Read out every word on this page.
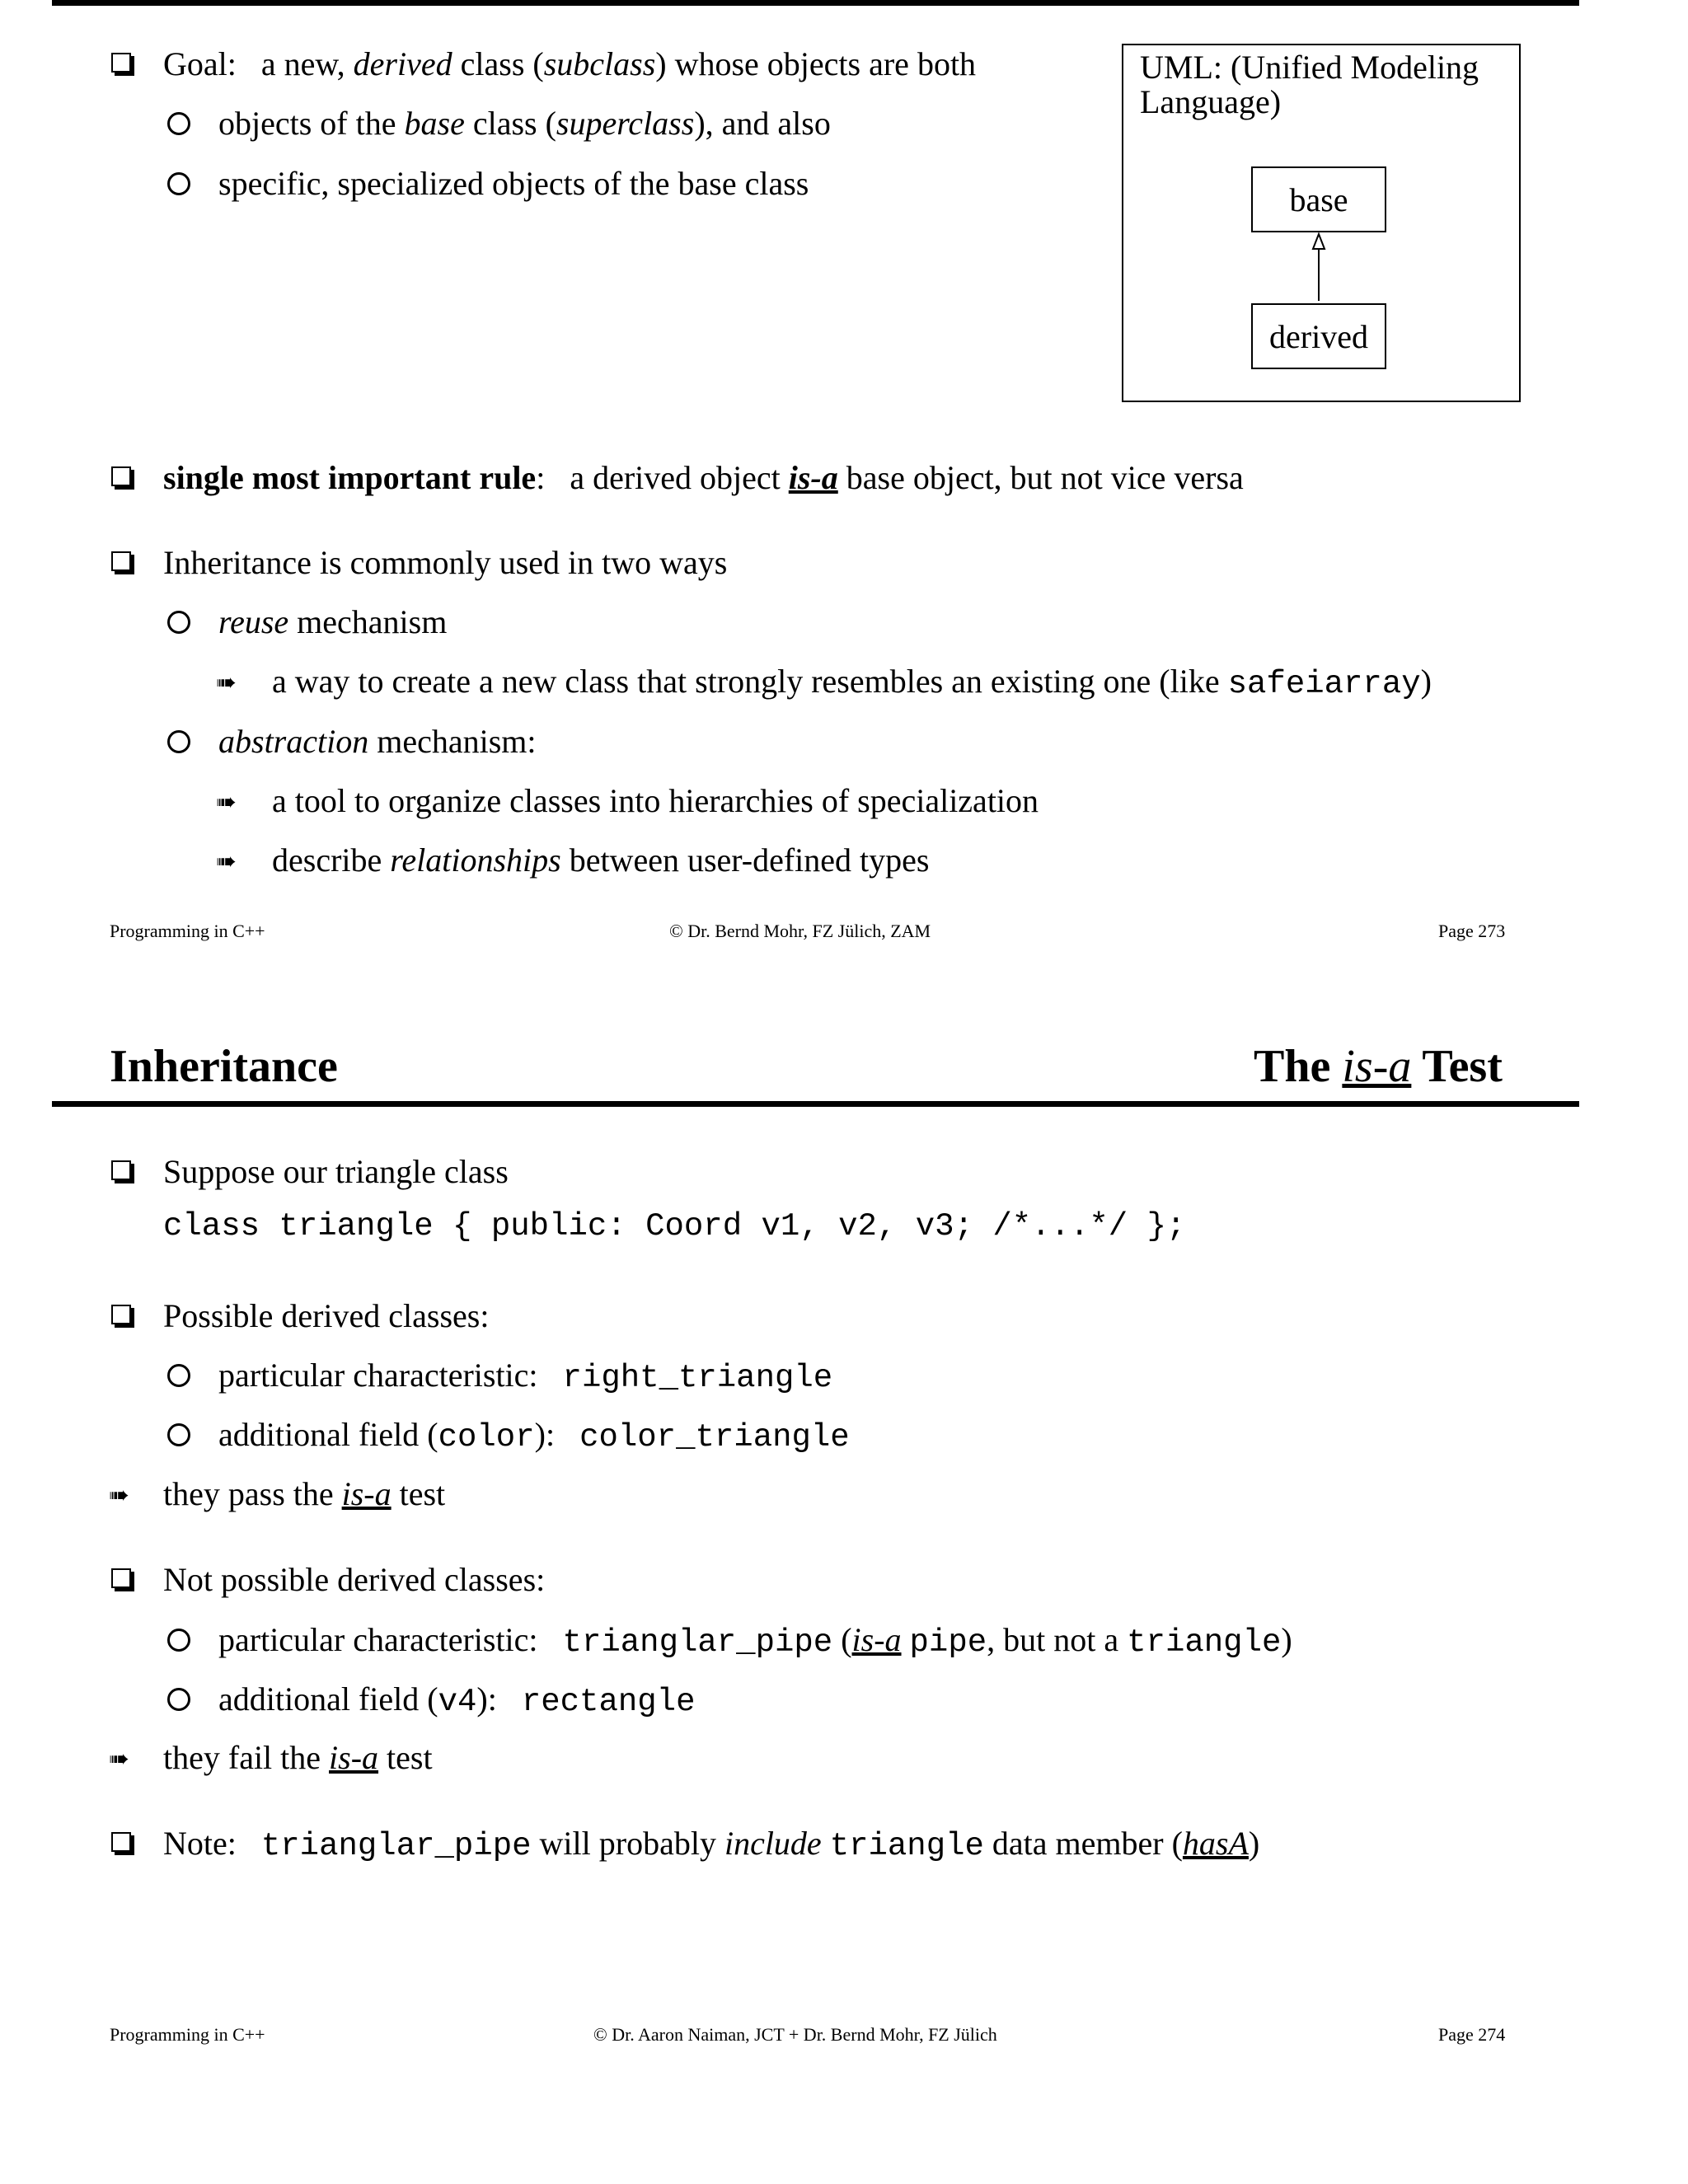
Goal: a new, derived class (subclass) whose objects are both
objects of the base class (superclass), and also
specific, specialized objects of the base class
UML: (Unified Modeling
Language)
base
derived
single most important rule: a derived object is-a base object, but not vice versa
Inheritance is commonly used in two ways
reuse mechanism
➠ a way to create a new class that strongly resembles an existing one (like safeiarray)
abstraction mechanism:
➠ a tool to organize classes into hierarchies of specialization
➠ describe relationships between user-defined types
Programming in C++	© Dr. Bernd Mohr, FZ Jülich, ZAM	Page 273
Inheritance	The is-a Test
Suppose our triangle class
class triangle { public: Coord v1, v2, v3; /*...*/ };
Possible derived classes:
particular characteristic: right_triangle
additional field (color): color_triangle
➠ they pass the is-a test
Not possible derived classes:
particular characteristic: trianglar_pipe (is-a pipe, but not a triangle)
additional field (v4): rectangle
➠ they fail the is-a test
Note: trianglar_pipe will probably include triangle data member (hasA)
Programming in C++	© Dr. Aaron Naiman, JCT + Dr. Bernd Mohr, FZ Jülich	Page 274
